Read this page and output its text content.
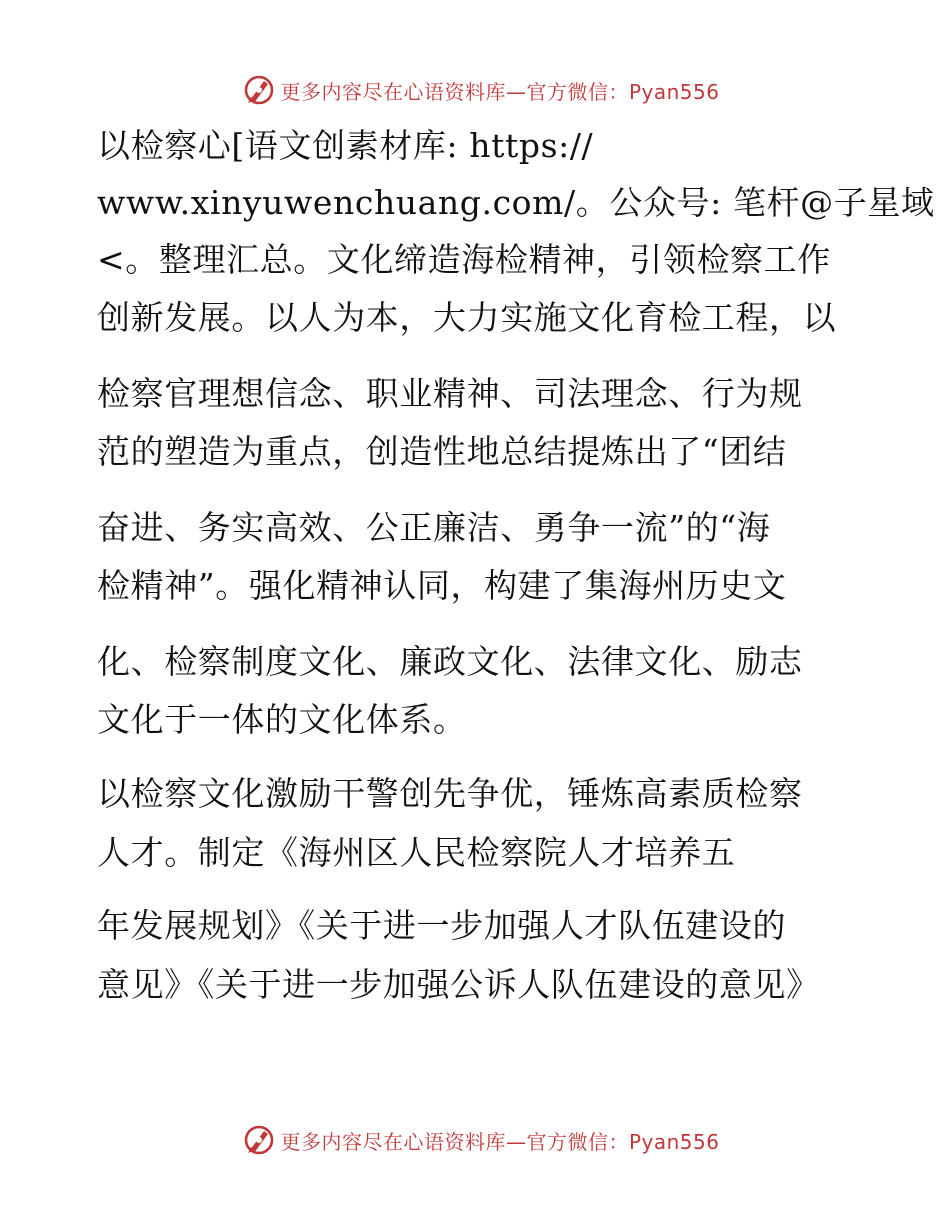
更多内容尽在心语资料库—官方微信：Pyan556
以检察心[语文创素材库: https://
www.xinyuwenchuang.com/。公众号: 笔杆@子星域
<。整理汇总。文化缔造海检精神，引领检察工作
创新发展。以人为本，大力实施文化育检工程，以
检察官理想信念、职业精神、司法理念、行为规
范的塑造为重点，创造性地总结提炼出了“团结
奋进、务实高效、公正廉洁、勇争一流”的“海
检精神”。强化精神认同，构建了集海州历史文
化、检察制度文化、廉政文化、法律文化、励志
文化于一体的文化体系。
以检察文化激励干警创先争优，锤炼高素质检察
人才。制定《海州区人民检察院人才培养五
年发展规划》《关于进一步加强人才队伍建设的
意见》《关于进一步加强公诉人队伍建设的意见》
更多内容尽在心语资料库—官方微信：Pyan556
